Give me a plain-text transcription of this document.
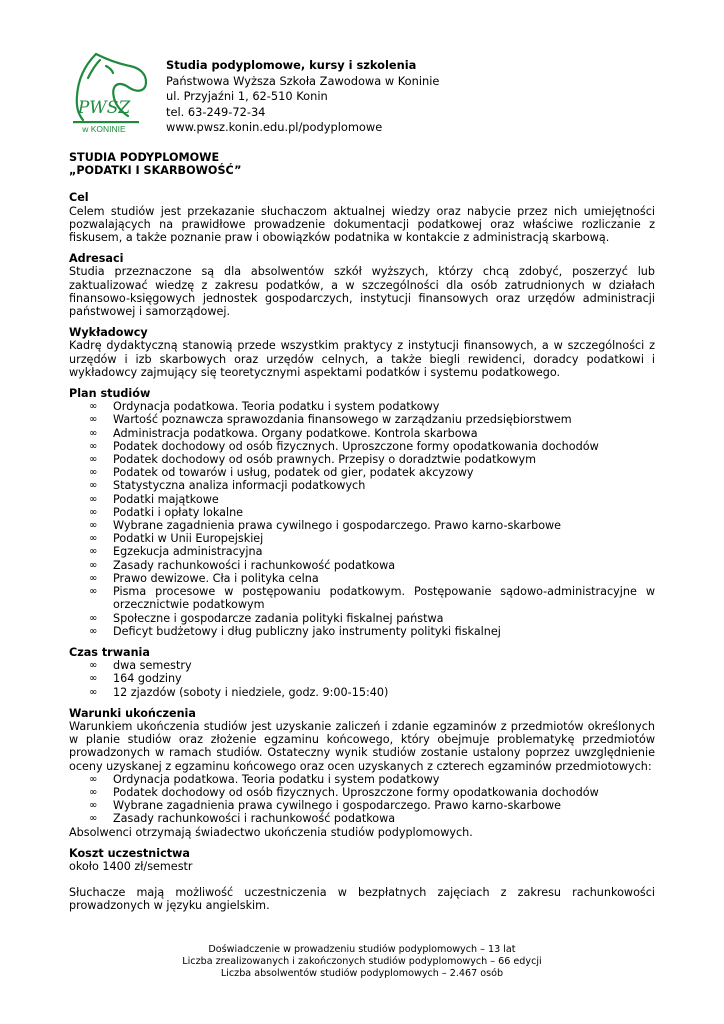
PWSZ
w KONINIE
Studia podyplomowe, kursy i szkolenia
Państwowa Wyższa Szkoła Zawodowa w Koninie
ul. Przyjaźni 1, 62-510 Konin
tel. 63-249-72-34
www.pwsz.konin.edu.pl/podyplomowe
STUDIA PODYPLOMOWE
„PODATKI I SKARBOWOŚĆ”
Cel

Celem studiów jest przekazanie słuchaczom aktualnej wiedzy oraz nabycie przez nich umiejętności pozwalających na prawidłowe prowadzenie dokumentacji podatkowej oraz właściwe rozliczanie z fiskusem, a także poznanie praw i obowiązków podatnika w kontakcie z administracją skarbową.

Adresaci

Studia przeznaczone są dla absolwentów szkół wyższych, którzy chcą zdobyć, poszerzyć lub zaktualizować wiedzę z zakresu podatków, a w szczególności dla osób zatrudnionych w działach finansowo-księgowych jednostek gospodarczych, instytucji finansowych oraz urzędów administracji państwowej i samorządowej.

Wykładowcy

Kadrę dydaktyczną stanowią przede wszystkim praktycy z instytucji finansowych, a w szczególności z urzędów i izb skarbowych oraz urzędów celnych, a także biegli rewidenci, doradcy podatkowi i wykładowcy zajmujący się teoretycznymi aspektami podatków i systemu podatkowego.

Plan studiów
∞ Ordynacja podatkowa. Teoria podatku i system podatkowy
∞ Wartość poznawcza sprawozdania finansowego w zarządzaniu przedsiębiorstwem
∞ Administracja podatkowa. Organy podatkowe. Kontrola skarbowa
∞ Podatek dochodowy od osób fizycznych. Uproszczone formy opodatkowania dochodów
∞ Podatek dochodowy od osób prawnych. Przepisy o doradztwie podatkowym
∞ Podatek od towarów i usług, podatek od gier, podatek akcyzowy
∞ Statystyczna analiza informacji podatkowych
∞ Podatki majątkowe
∞ Podatki i opłaty lokalne
∞ Wybrane zagadnienia prawa cywilnego i gospodarczego. Prawo karno-skarbowe
∞ Podatki w Unii Europejskiej
∞ Egzekucja administracyjna
∞ Zasady rachunkowości i rachunkowość podatkowa
∞ Prawo dewizowe. Cła i polityka celna
∞ Pisma procesowe w postępowaniu podatkowym. Postępowanie sądowo-administracyjne w orzecznictwie podatkowym
∞ Społeczne i gospodarcze zadania polityki fiskalnej państwa
∞ Deficyt budżetowy i dług publiczny jako instrumenty polityki fiskalnej
Czas trwania
∞ dwa semestry
∞ 164 godziny
∞ 12 zjazdów (soboty i niedziele, godz. 9:00-15:40)
Warunki ukończenia

Warunkiem ukończenia studiów jest uzyskanie zaliczeń i zdanie egzaminów z przedmiotów określonych w planie studiów oraz złożenie egzaminu końcowego, który obejmuje problematykę przedmiotów prowadzonych w ramach studiów. Ostateczny wynik studiów zostanie ustalony poprzez uwzględnienie oceny uzyskanej z egzaminu końcowego oraz ocen uzyskanych z czterech egzaminów przedmiotowych:

∞ Ordynacja podatkowa. Teoria podatku i system podatkowy
∞ Podatek dochodowy od osób fizycznych. Uproszczone formy opodatkowania dochodów
∞ Wybrane zagadnienia prawa cywilnego i gospodarczego. Prawo karno-skarbowe
∞ Zasady rachunkowości i rachunkowość podatkowa

Absolwenci otrzymają świadectwo ukończenia studiów podyplomowych.

Koszt uczestnictwa

około 1400 zł/semestr

Słuchacze mają możliwość uczestniczenia w bezpłatnych zajęciach z zakresu rachunkowości prowadzonych w języku angielskim.

Doświadczenie w prowadzeniu studiów podyplomowych – 13 lat
Liczba zrealizowanych i zakończonych studiów podyplomowych – 66 edycji
Liczba absolwentów studiów podyplomowych – 2.467 osób
